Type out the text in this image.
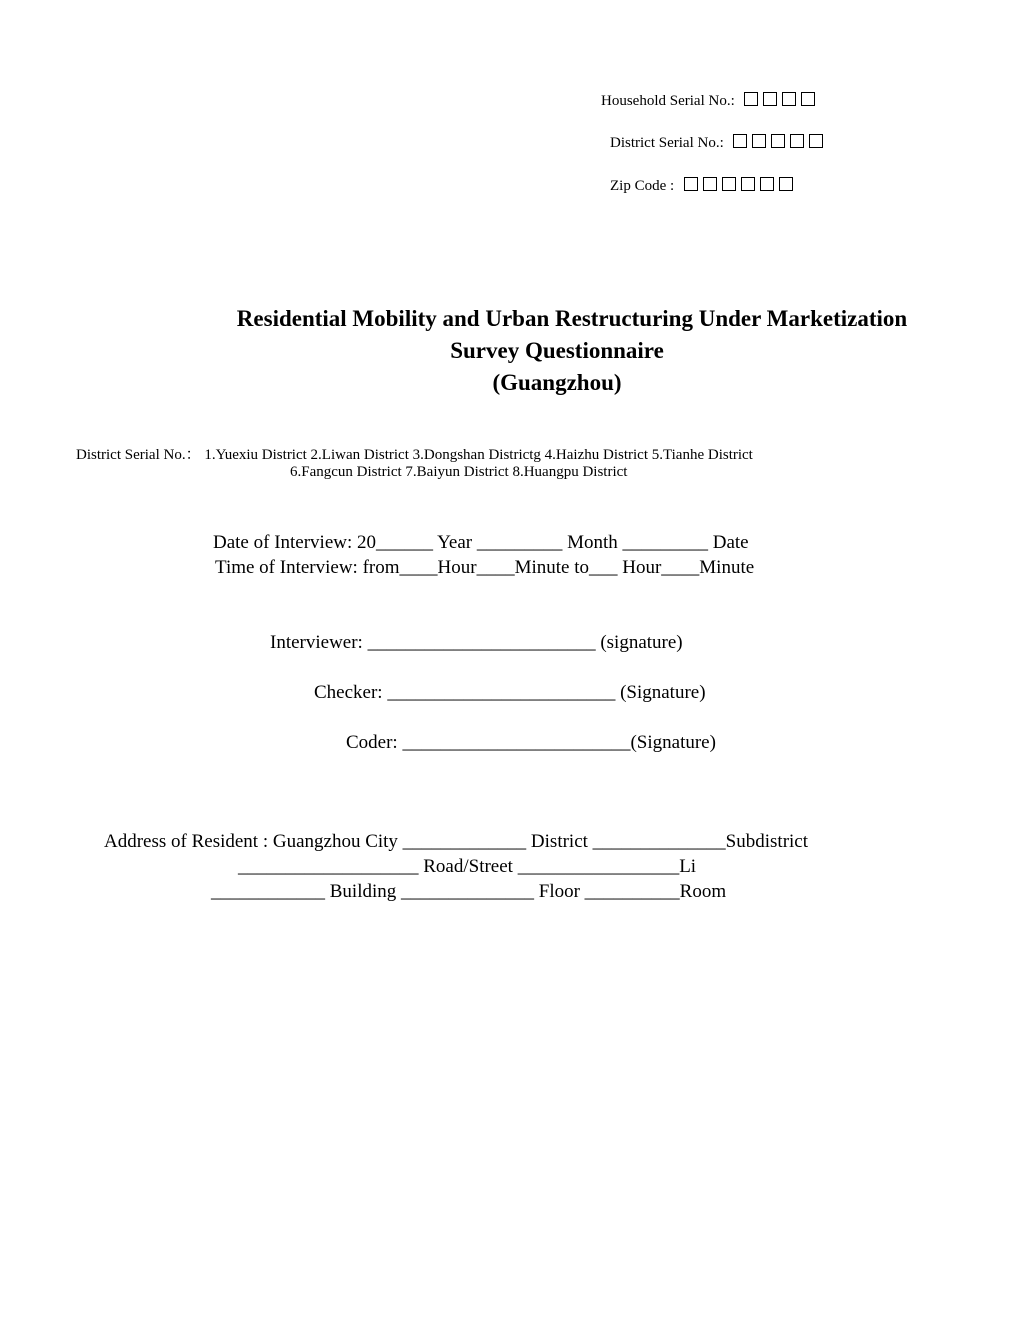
Household Serial No.:
District Serial No.:
Zip Code :
Residential Mobility and Urban Restructuring Under Marketization
Survey Questionnaire
(Guangzhou)
District Serial No.： 1.Yuexiu District 2.Liwan District 3.Dongshan Districtg 4.Haizhu District 5.Tianhe District
6.Fangcun District 7.Baiyun District 8.Huangpu District
Date of Interview: 20______ Year _________ Month _________ Date
Time of Interview: from____Hour____Minute to___ Hour____Minute
Interviewer: ________________________ (signature)
Checker: ________________________ (Signature)
Coder: ________________________(Signature)
Address of Resident : Guangzhou City _____________ District ______________Subdistrict
___________________ Road/Street _________________Li
____________ Building ______________ Floor __________Room
